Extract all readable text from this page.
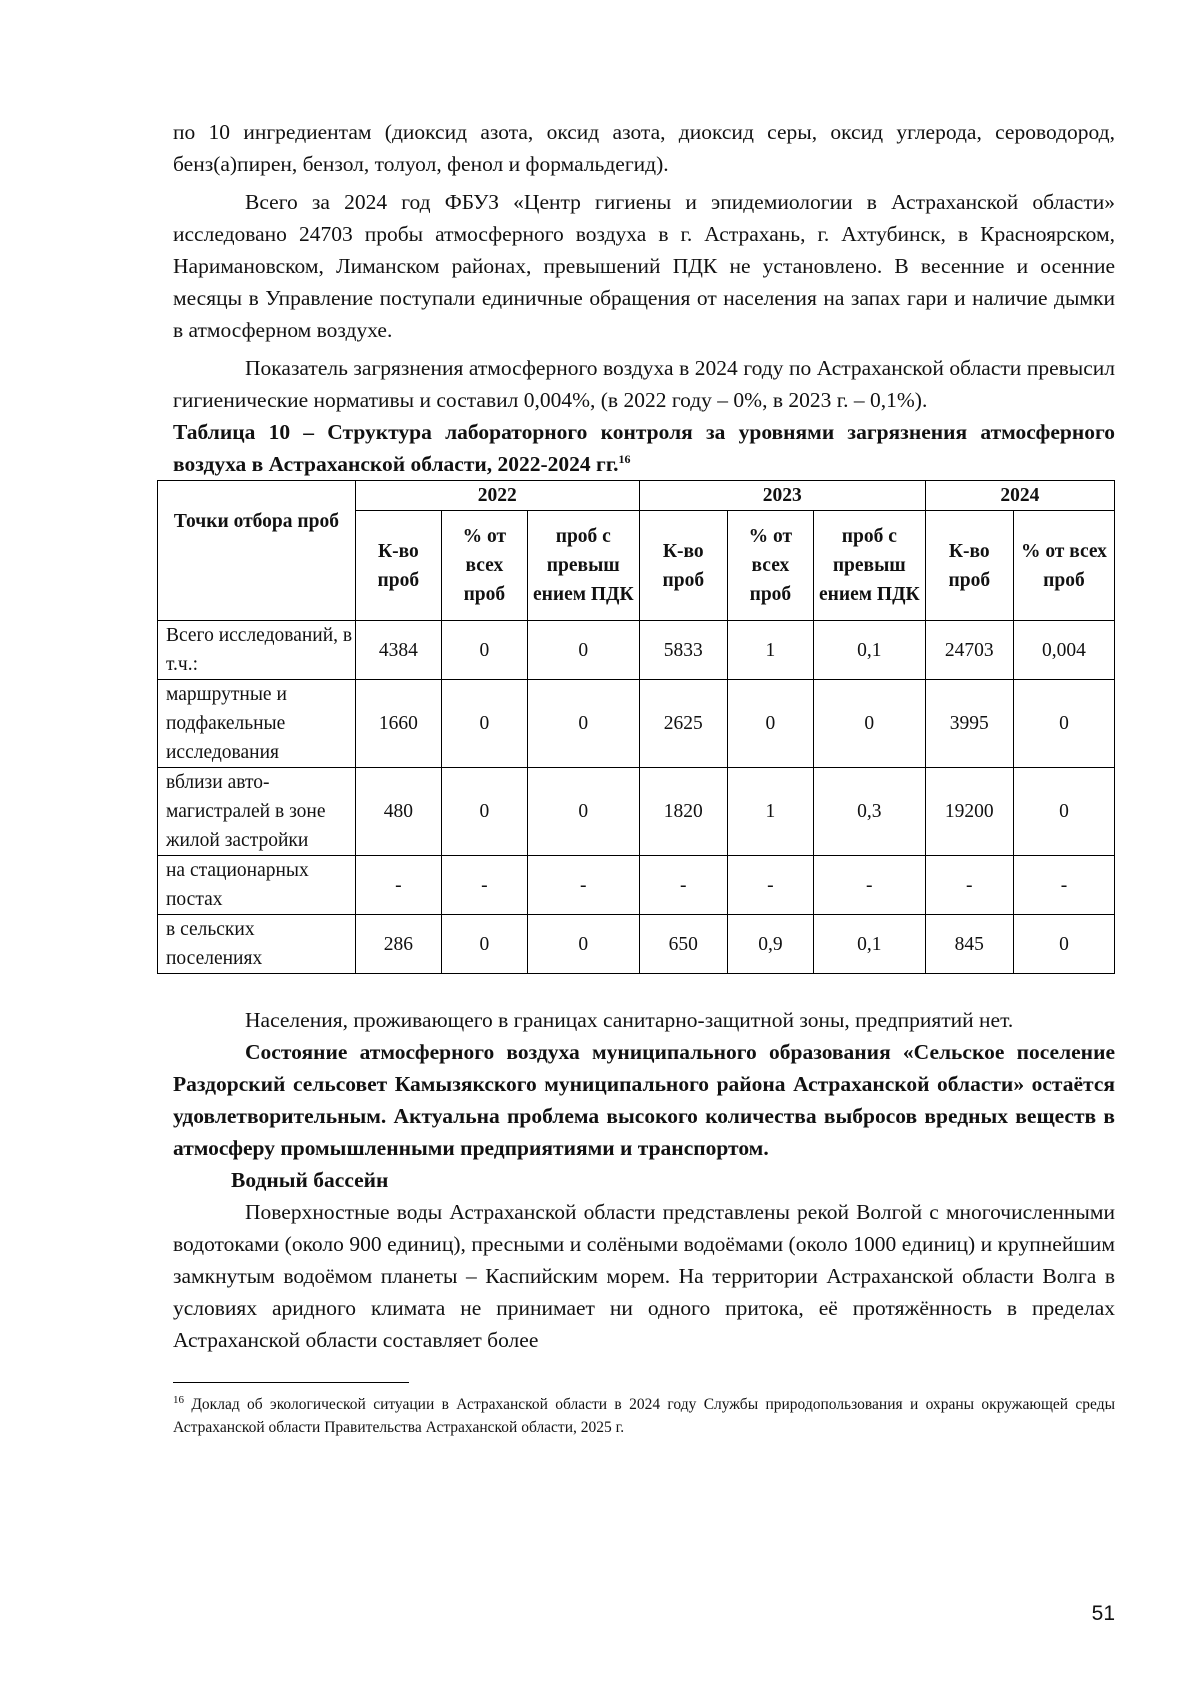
по 10 ингредиентам (диоксид азота, оксид азота, диоксид серы, оксид углерода, сероводород, бенз(а)пирен, бензол, толуол, фенол и формальдегид).

Всего за 2024 год ФБУЗ «Центр гигиены и эпидемиологии в Астраханской области» исследовано 24703 пробы атмосферного воздуха в г. Астрахань, г. Ахтубинск, в Красноярском, Наримановском, Лиманском районах, превышений ПДК не установлено. В весенние и осенние месяцы в Управление поступали единичные обращения от населения на запах гари и наличие дымки в атмосферном воздухе.

Показатель загрязнения атмосферного воздуха в 2024 году по Астраханской области превысил гигиенические нормативы и составил 0,004%, (в 2022 году – 0%, в 2023 г. – 0,1%).

Таблица 10 – Структура лабораторного контроля за уровнями загрязнения атмосферного воздуха в Астраханской области, 2022-2024 гг.$^{16}$
Точки отбора проб	2022			2023			2024	
	К-во проб	% от всех проб	проб с превыш ением ПДК	К-во проб	% от всех проб	проб с превыш ением ПДК	К-во проб	% от всех проб
Всего исследований, в т.ч.:	4384	0	0	5833	1	0,1	24703	0,004
маршрутные и подфакельные исследования	1660	0	0	2625	0	0	3995	0
вблизи авто-магистралей в зоне жилой застройки	480	0	0	1820	1	0,3	19200	0
на стационарных постах	-	-	-	-	-	-	-	-
в сельских поселениях	286	0	0	650	0,9	0,1	845	0

Населения, проживающего в границах санитарно-защитной зоны, предприятий нет.

Состояние атмосферного воздуха муниципального образования «Сельское поселение Раздорский сельсовет Камызякского муниципального района Астраханской области» остаётся удовлетворительным. Актуальна проблема высокого количества выбросов вредных веществ в атмосферу промышленными предприятиями и транспортом.

Водный бассейн

Поверхностные воды Астраханской области представлены рекой Волгой с многочисленными водотоками (около 900 единиц), пресными и солёными водоёмами (около 1000 единиц) и крупнейшим замкнутым водоёмом планеты – Каспийским морем. На территории Астраханской области Волга в условиях аридного климата не принимает ни одного притока, её протяжённость в пределах Астраханской области составляет более

$^{16}$ Доклад об экологической ситуации в Астраханской области в 2024 году Службы природопользования и охраны окружающей среды Астраханской области Правительства Астраханской области, 2025 г.

51
